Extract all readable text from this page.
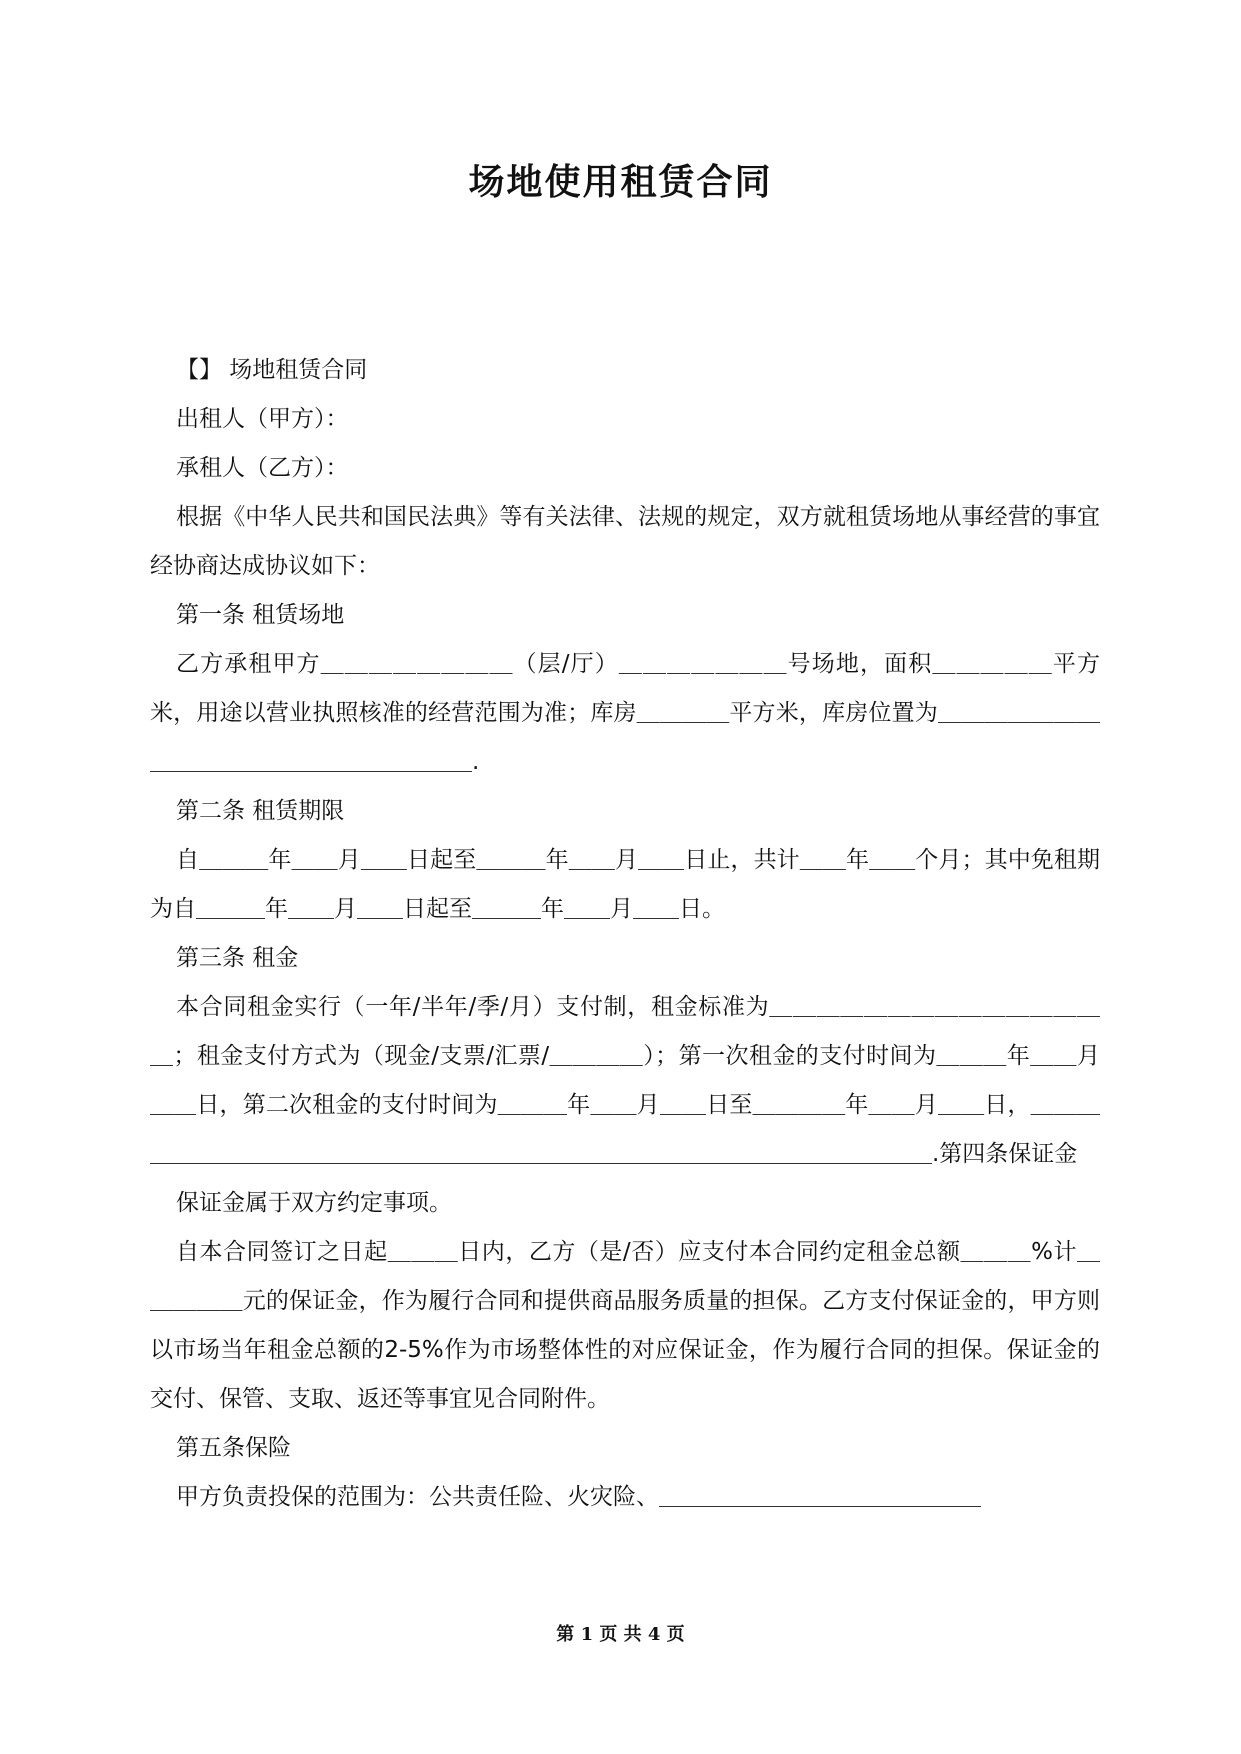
场地使用租赁合同

【】 场地租赁合同

出租人（甲方）：

承租人（乙方）：

根据《中华人民共和国民法典》等有关法律、法规的规定，双方就租赁场地从事经营的事宜经协商达成协议如下：

第一条 租赁场地

乙方承租甲方＿＿＿＿＿＿＿＿（层/厅）＿＿＿＿＿＿＿号场地，面积＿＿＿＿＿平方米，用途以营业执照核准的经营范围为准；库房＿＿＿＿平方米，库房位置为＿＿＿＿＿＿＿＿＿＿＿＿＿＿＿＿＿＿＿＿＿.

第二条 租赁期限

自＿＿＿年＿＿月＿＿日起至＿＿＿年＿＿月＿＿日止，共计＿＿年＿＿个月；其中免租期为自＿＿＿年＿＿月＿＿日起至＿＿＿年＿＿月＿＿日。

第三条 租金

本合同租金实行（一年/半年/季/月）支付制，租金标准为＿＿＿＿＿＿＿＿＿＿＿＿＿＿＿；租金支付方式为（现金/支票/汇票/＿＿＿＿）；第一次租金的支付时间为＿＿＿年＿＿月＿＿日，第二次租金的支付时间为＿＿＿年＿＿月＿＿日至＿＿＿＿年＿＿月＿＿日，＿＿＿＿＿＿＿＿＿＿＿＿＿＿＿＿＿＿＿＿＿＿＿＿＿＿＿＿＿＿＿＿＿＿＿＿＿.第四条保证金

保证金属于双方约定事项。

自本合同签订之日起＿＿＿日内，乙方（是/否）应支付本合同约定租金总额＿＿＿%计＿＿＿＿＿元的保证金，作为履行合同和提供商品服务质量的担保。乙方支付保证金的，甲方则以市场当年租金总额的2-5%作为市场整体性的对应保证金，作为履行合同的担保。保证金的交付、保管、支取、返还等事宜见合同附件。

第五条保险

甲方负责投保的范围为：公共责任险、火灾险、＿＿＿＿＿＿＿＿＿＿＿＿＿＿

第 1 页 共 4 页
